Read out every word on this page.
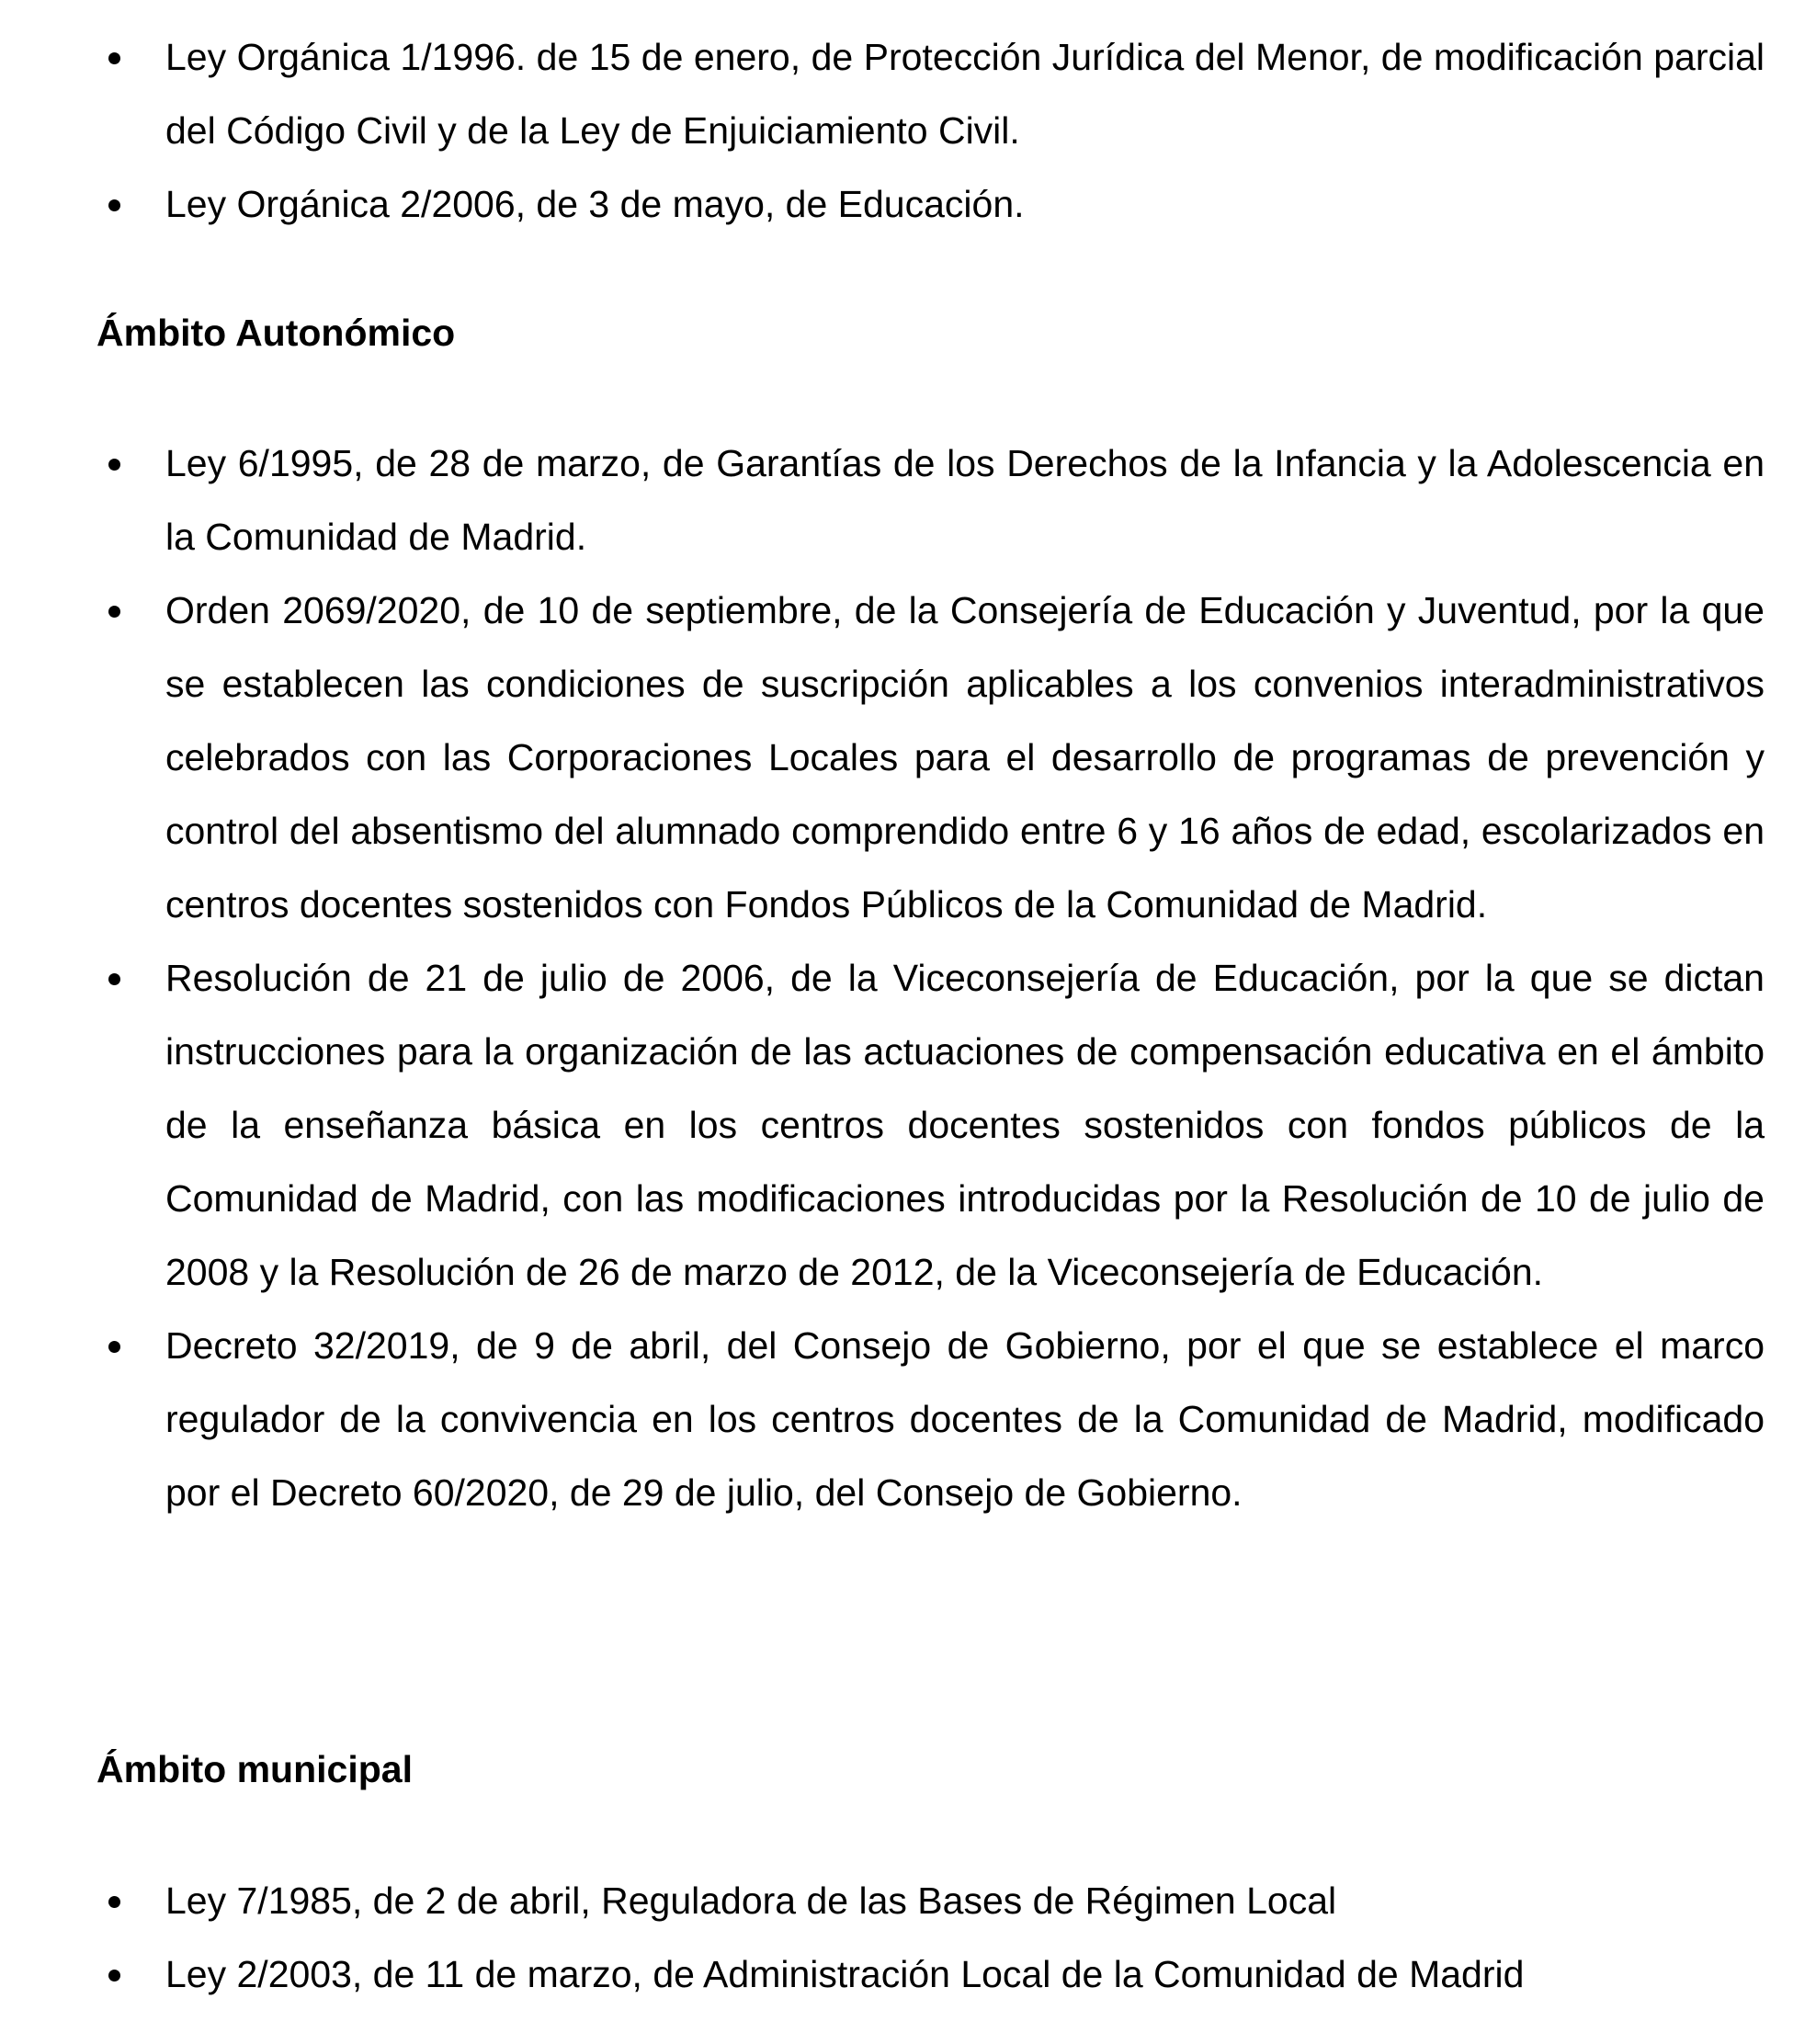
Ley Orgánica 1/1996. de 15 de enero, de Protección Jurídica del Menor, de modificación parcial del Código Civil y de la Ley de Enjuiciamiento Civil.
Ley Orgánica 2/2006, de 3 de mayo, de Educación.
Ámbito Autonómico
Ley 6/1995, de 28 de marzo, de Garantías de los Derechos de la Infancia y la Adolescencia en la Comunidad de Madrid.
Orden 2069/2020, de 10 de septiembre, de la Consejería de Educación y Juventud, por la que se establecen las condiciones de suscripción aplicables a los convenios interadministrativos celebrados con las Corporaciones Locales para el desarrollo de programas de prevención y control del absentismo del alumnado comprendido entre 6 y 16 años de edad, escolarizados en centros docentes sostenidos con Fondos Públicos de la Comunidad de Madrid.
Resolución de 21 de julio de 2006, de la Viceconsejería de Educación, por la que se dictan instrucciones para la organización de las actuaciones de compensación educativa en el ámbito de la enseñanza básica en los centros docentes sostenidos con fondos públicos de la Comunidad de Madrid, con las modificaciones introducidas por la Resolución de 10 de julio de 2008 y la Resolución de 26 de marzo de 2012, de la Viceconsejería de Educación.
Decreto 32/2019, de 9 de abril, del Consejo de Gobierno, por el que se establece el marco regulador de la convivencia en los centros docentes de la Comunidad de Madrid, modificado por el Decreto 60/2020, de 29 de julio, del Consejo de Gobierno.
Ámbito municipal
Ley 7/1985, de 2 de abril, Reguladora de las Bases de Régimen Local
Ley 2/2003, de 11 de marzo, de Administración Local de la Comunidad de Madrid
